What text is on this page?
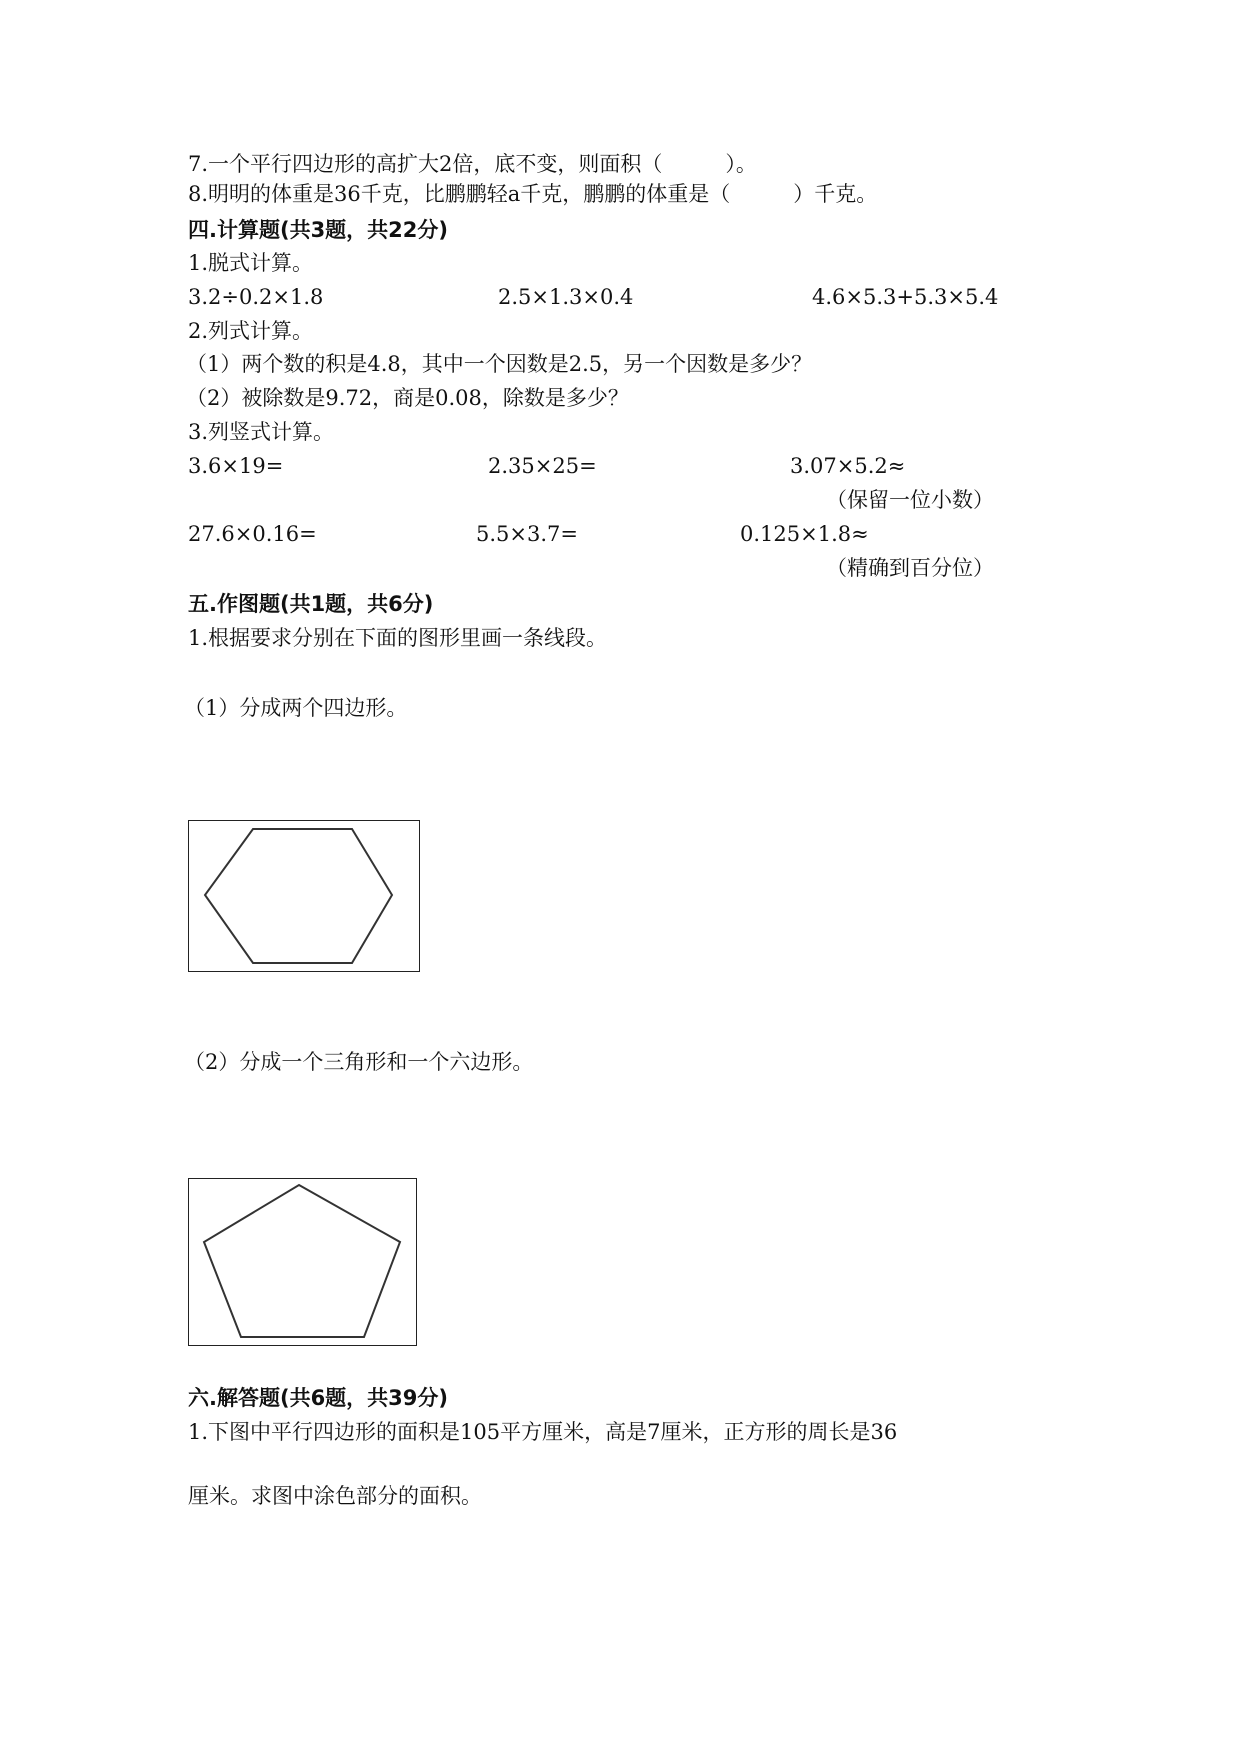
7.一个平行四边形的高扩大2倍，底不变，则面积（　　　）。
8.明明的体重是36千克，比鹏鹏轻a千克，鹏鹏的体重是（　　　）千克。
四.计算题(共3题，共22分)
1.脱式计算。
3.2÷0.2×1.8	2.5×1.3×0.4	4.6×5.3+5.3×5.4
2.列式计算。
（1）两个数的积是4.8，其中一个因数是2.5，另一个因数是多少？
（2）被除数是9.72，商是0.08，除数是多少？
3.列竖式计算。
3.6×19=	2.35×25=	3.07×5.2≈
（保留一位小数）
27.6×0.16=	5.5×3.7=	0.125×1.8≈
（精确到百分位）
五.作图题(共1题，共6分)
1.根据要求分别在下面的图形里画一条线段。
（1）分成两个四边形。
（2）分成一个三角形和一个六边形。
六.解答题(共6题，共39分)
1.下图中平行四边形的面积是105平方厘米，高是7厘米，正方形的周长是36
厘米。求图中涂色部分的面积。
